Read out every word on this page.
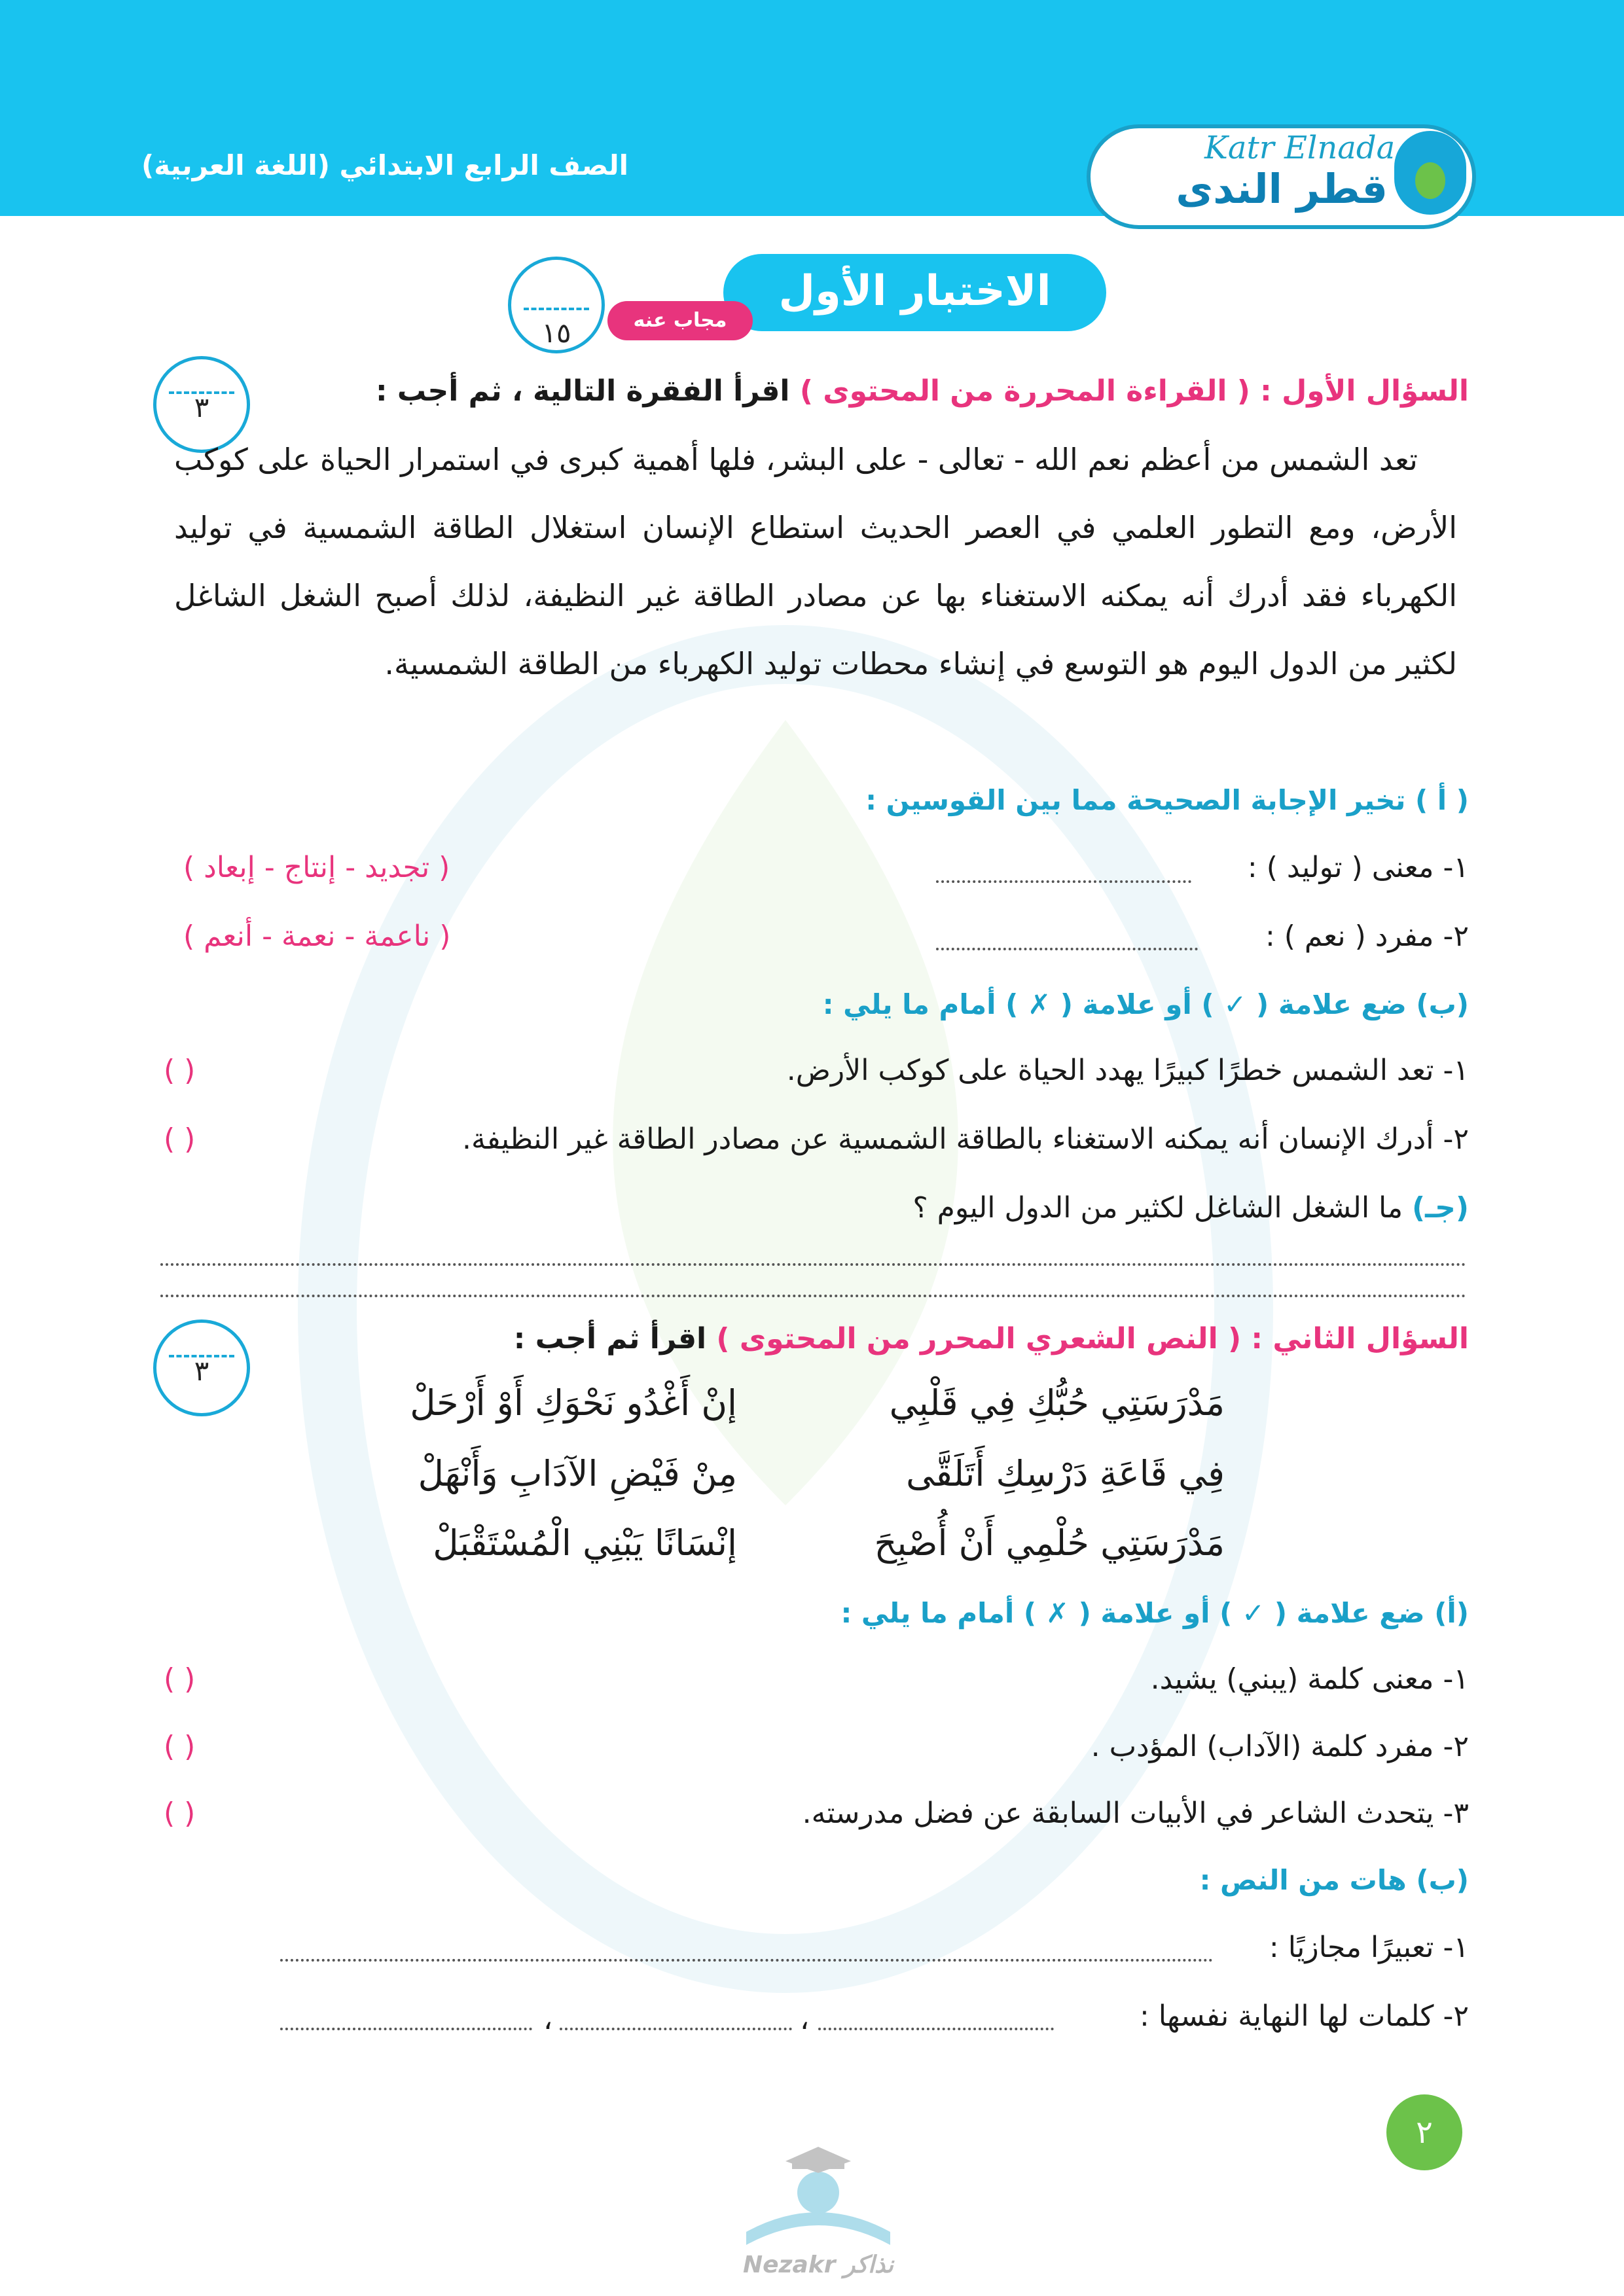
الصف الرابع الابتدائي (اللغة العربية)	Katr Elnada
قطر الندى
الاختبار الأول
مجاب عنه
١٥
٣	السؤال الأول : ( القراءة المحررة من المحتوى ) اقرأ الفقرة التالية ، ثم أجب :
تعد الشمس من أعظم نعم الله - تعالى - على البشر، فلها أهمية كبرى في استمرار الحياة على كوكب الأرض، ومع التطور العلمي في العصر الحديث استطاع الإنسان استغلال الطاقة الشمسية في توليد الكهرباء فقد أدرك أنه يمكنه الاستغناء بها عن مصادر الطاقة غير النظيفة، لذلك أصبح الشغل الشاغل لكثير من الدول اليوم هو التوسع في إنشاء محطات توليد الكهرباء من الطاقة الشمسية.
( أ ) تخير الإجابة الصحيحة مما بين القوسين :
١- معنى ( توليد ) :
( تجديد - إنتاج - إبعاد )
٢- مفرد ( نعم ) :
( ناعمة - نعمة - أنعم )
(ب) ضع علامة ( ✓ ) أو علامة ( ✗ ) أمام ما يلي :
١- تعد الشمس خطرًا كبيرًا يهدد الحياة على كوكب الأرض.
( )
٢- أدرك الإنسان أنه يمكنه الاستغناء بالطاقة الشمسية عن مصادر الطاقة غير النظيفة.
( )
(جـ) ما الشغل الشاغل لكثير من الدول اليوم ؟
٣
السؤال الثاني : ( النص الشعري المحرر من المحتوى ) اقرأ ثم أجب :
مَدْرَسَتِي حُبُّكِ فِي قَلْبِي
إنْ أَغْدُو نَحْوَكِ أَوْ أَرْحَلْ
فِي قَاعَةِ دَرْسِكِ أَتَلَقَّى
مِنْ فَيْضِ الآدَابِ وَأَنْهَلْ
مَدْرَسَتِي حُلْمِي أَنْ أُصْبِحَ
إنْسَانًا يَبْنِي الْمُسْتَقْبَلْ
(أ) ضع علامة ( ✓ ) أو علامة ( ✗ ) أمام ما يلي :
١- معنى كلمة (يبني) يشيد.
( )
٢- مفرد كلمة (الآداب) المؤدب .
( )
٣- يتحدث الشاعر في الأبيات السابقة عن فضل مدرسته.
( )
(ب) هات من النص :
١- تعبيرًا مجازيًا :
٢- كلمات لها النهاية نفسها :
،
،
Nezakr نذاكر
٢
